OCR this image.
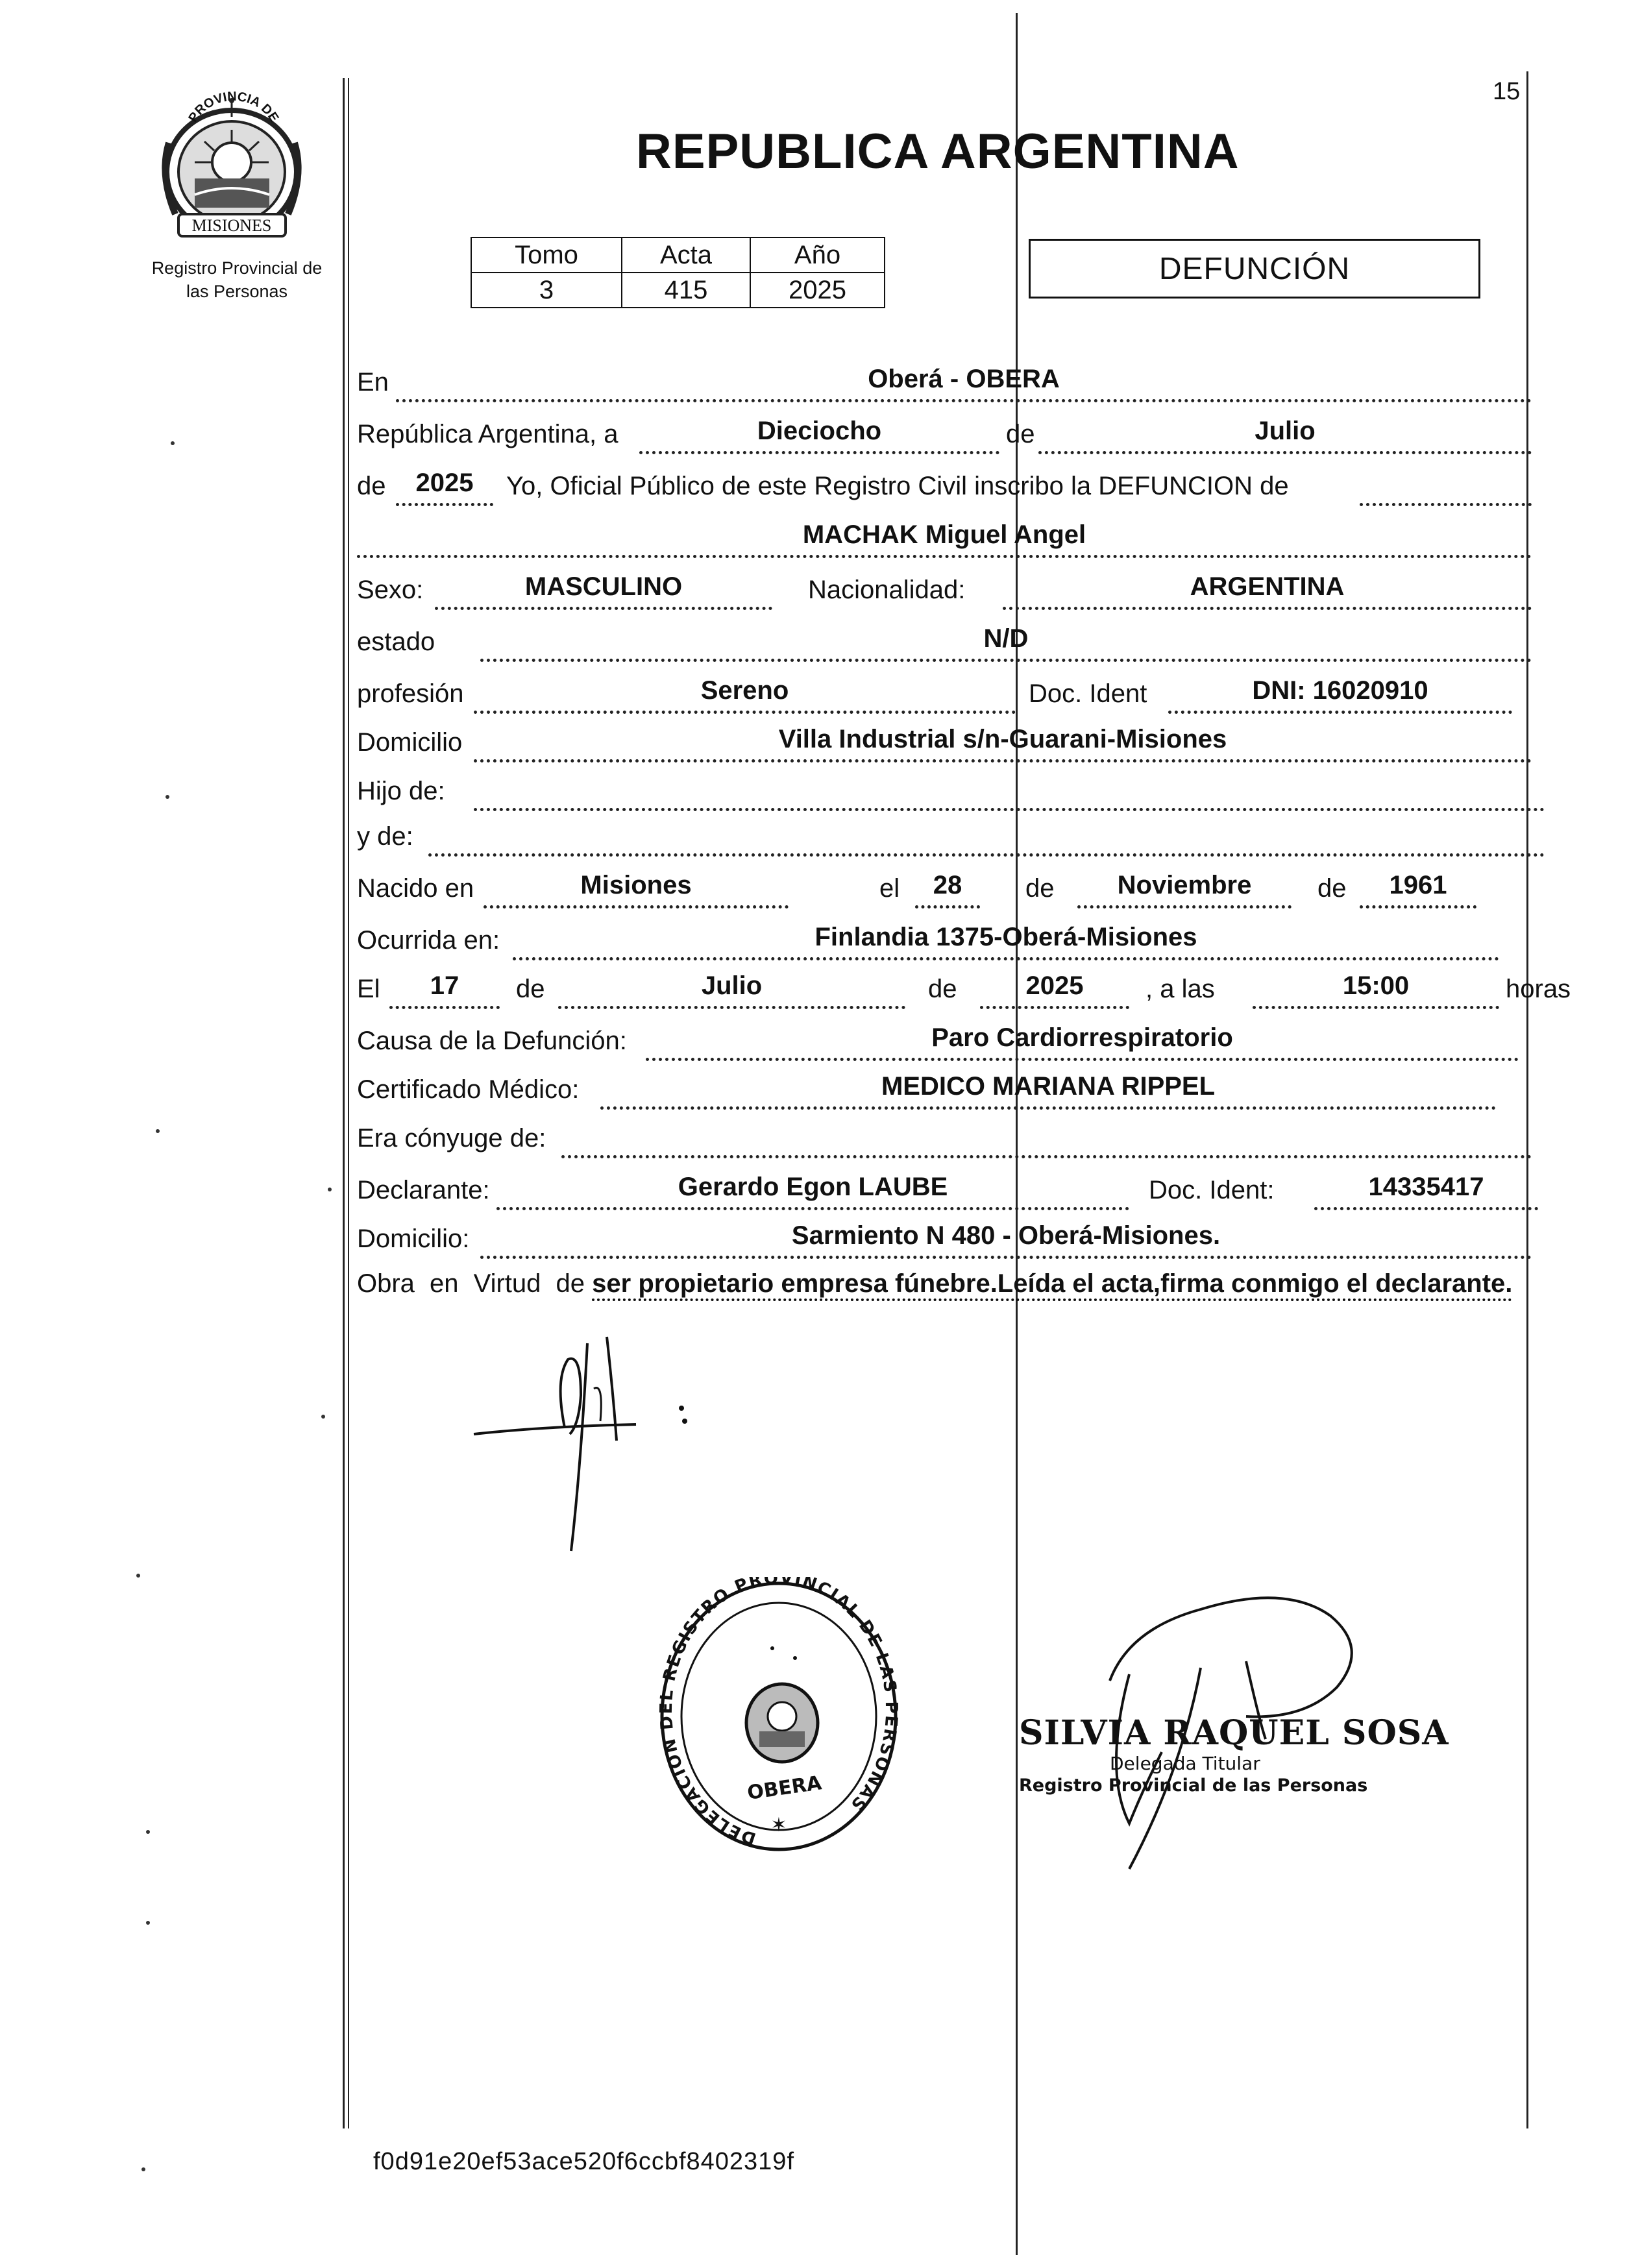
15
PROVINCIA DE
MISIONES
Registro Provincial de
las Personas
REPUBLICA ARGENTINA
Tomo	Acta	Año
3	415	2025
DEFUNCIÓN
En	Oberá - OBERA
República Argentina, a	Dieciocho	de	Julio
de	2025	Yo, Oficial Público de este Registro Civil inscribo la DEFUNCION de
MACHAK Miguel Angel
Sexo:	MASCULINO	Nacionalidad:	ARGENTINA
estado	N/D
profesión	Sereno	Doc. Ident	DNI: 16020910
Domicilio	Villa Industrial s/n-Guarani-Misiones
Hijo de:
y de:
Nacido en	Misiones	el	28	de	Noviembre	de	1961
Ocurrida en:	Finlandia 1375-Oberá-Misiones
El	17	de	Julio	de	2025	, a las	15:00	horas
Causa de la Defunción:	Paro Cardiorrespiratorio
Certificado Médico:	MEDICO MARIANA RIPPEL
Era cónyuge de:
Declarante:	Gerardo Egon LAUBE	Doc. Ident:	14335417
Domicilio:	Sarmiento N 480 - Oberá-Misiones.
Obra en Virtud de ser propietario empresa fúnebre.Leída el acta,firma conmigo el declarante.
DELEGACION DEL REGISTRO PROVINCIAL DE LAS PERSONAS
OBERA
✶
SILVIA RAQUEL SOSA
Delegada Titular
Registro Provincial de las Personas
f0d91e20ef53ace520f6ccbf8402319f
